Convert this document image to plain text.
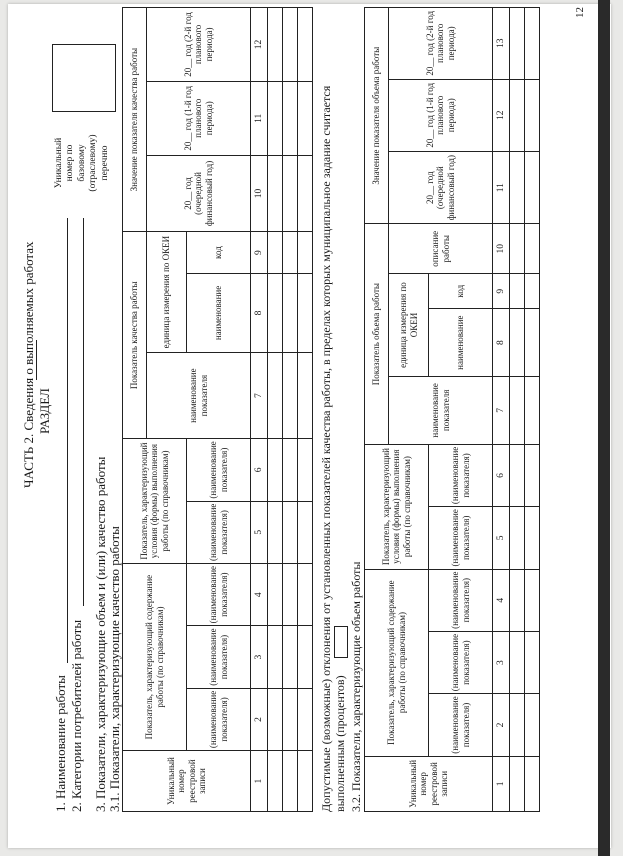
ЧАСТЬ 2. Сведения о выполняемых работах РАЗДЕЛ
1. Наименование работы 2. Категории потребителей работы
Уникальный номер по базовому (отраслевому) перечню
3. Показатели, характеризующие объем и (или) качество работы 3.1. Показатели, характеризующие качество работы	Уникальный номер реестровой записи	Показатель, характеризующий содержание работы (по справочникам)			Показатель, характеризующий условия (формы) выполнения работы (по справочникам)		Показатель качества работы			Значение показателя качества работы		
						наименование показателя	единица измерения по ОКЕИ		20__ год (очередной финансовый год)	20__ год (1-й год планового периода)	20__ год (2-й год планового периода)
	(наименование показателя)	(наименование показателя)	(наименование показателя)	(наименование показателя)	(наименование показателя)		наименование	код			
1	2	3	4	5	6	7	8	9	10	11	12

Допустимые (возможные) отклонения от установленных показателей качества работы, в пределах которых муниципальное задание считается выполненным (процентов) 3.2. Показатели, характеризующие объем работы	Уникальный номер реестровой записи	Показатель, характеризующий содержание работы (по справочникам)			Показатель, характеризующий условия (формы) выполнения работы (по справочникам)		Показатель объема работы				Значение показателя объема работы		
						наименование показателя	единица измерения по ОКЕИ		описание работы	20__ год (очередной финансовый год)	20__ год (1-й год планового периода)	20__ год (2-й год планового периода)
	(наименование показателя)	(наименование показателя)	(наименование показателя)	(наименование показателя)	(наименование показателя)		наименование	код				
1	2	3	4	5	6	7	8	9	10	11	12	13

12
